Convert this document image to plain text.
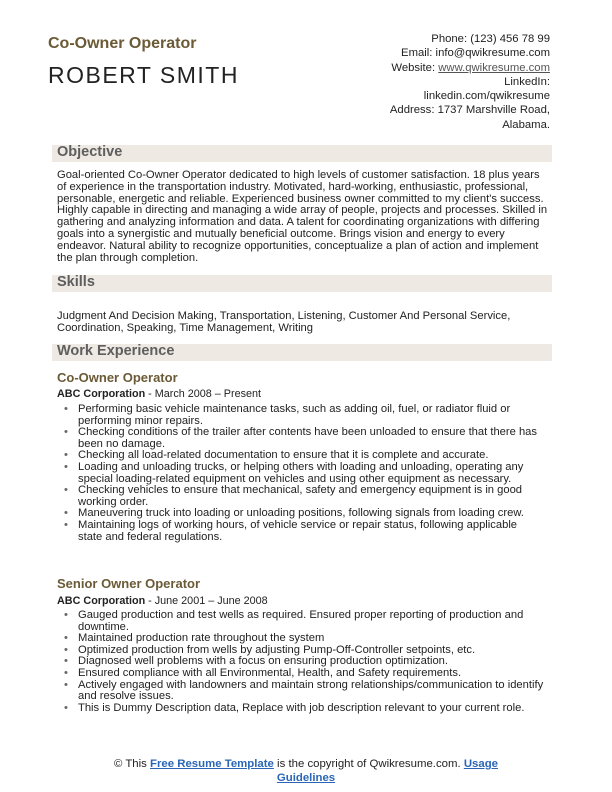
Co-Owner Operator
ROBERT SMITH
Phone: (123) 456 78 99
Email: info@qwikresume.com
Website: www.qwikresume.com
LinkedIn:
linkedin.com/qwikresume
Address: 1737 Marshville Road,
Alabama.
Objective
Goal-oriented Co-Owner Operator dedicated to high levels of customer satisfaction. 18 plus years of experience in the transportation industry. Motivated, hard-working, enthusiastic, professional, personable, energetic and reliable. Experienced business owner committed to my client's success. Highly capable in directing and managing a wide array of people, projects and processes. Skilled in gathering and analyzing information and data. A talent for coordinating organizations with differing goals into a synergistic and mutually beneficial outcome. Brings vision and energy to every endeavor. Natural ability to recognize opportunities, conceptualize a plan of action and implement the plan through completion.
Skills
Judgment And Decision Making, Transportation, Listening, Customer And Personal Service, Coordination, Speaking, Time Management, Writing
Work Experience
Co-Owner Operator
ABC Corporation - March 2008 – Present
• Performing basic vehicle maintenance tasks, such as adding oil, fuel, or radiator fluid or performing minor repairs.
• Checking conditions of the trailer after contents have been unloaded to ensure that there has been no damage.
• Checking all load-related documentation to ensure that it is complete and accurate.
• Loading and unloading trucks, or helping others with loading and unloading, operating any special loading-related equipment on vehicles and using other equipment as necessary.
• Checking vehicles to ensure that mechanical, safety and emergency equipment is in good working order.
• Maneuvering truck into loading or unloading positions, following signals from loading crew.
• Maintaining logs of working hours, of vehicle service or repair status, following applicable state and federal regulations.
Senior Owner Operator
ABC Corporation - June 2001 – June 2008
• Gauged production and test wells as required. Ensured proper reporting of production and downtime.
• Maintained production rate throughout the system
• Optimized production from wells by adjusting Pump-Off-Controller setpoints, etc.
• Diagnosed well problems with a focus on ensuring production optimization.
• Ensured compliance with all Environmental, Health, and Safety requirements.
• Actively engaged with landowners and maintain strong relationships/communication to identify and resolve issues.
• This is Dummy Description data, Replace with job description relevant to your current role.
© This Free Resume Template is the copyright of Qwikresume.com. Usage
Guidelines
